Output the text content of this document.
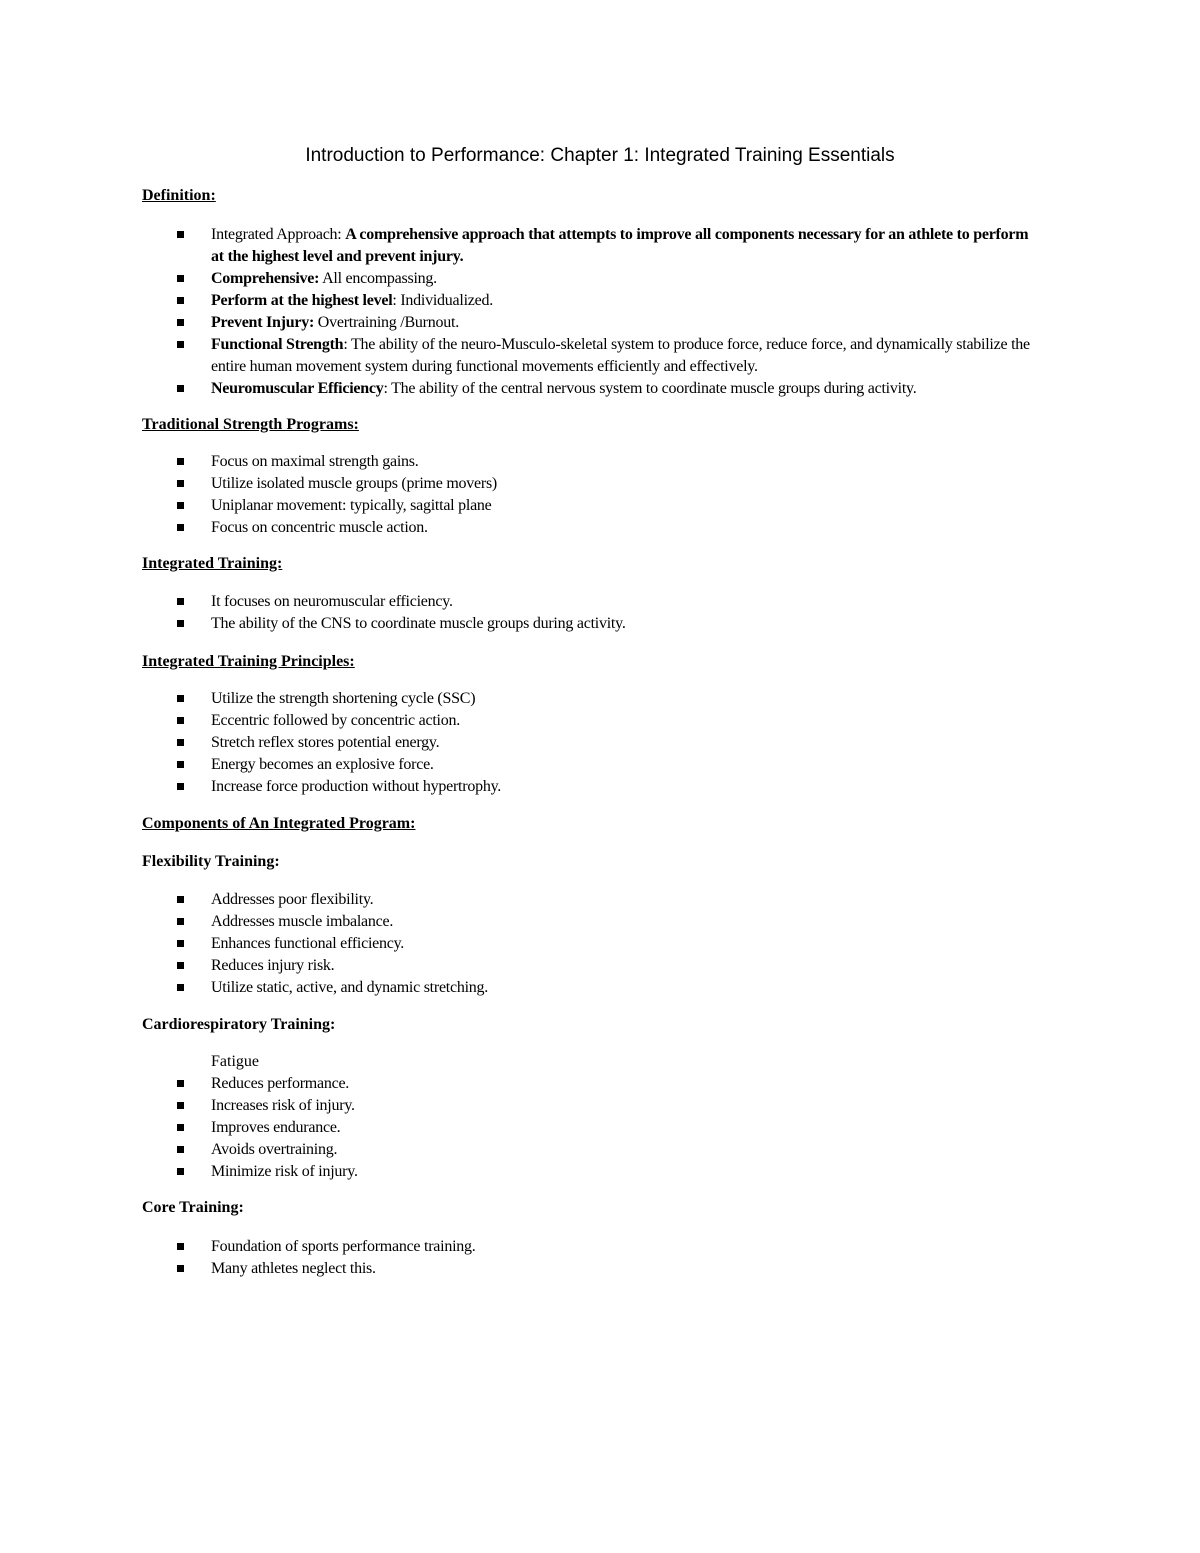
Introduction to Performance: Chapter 1: Integrated Training Essentials
Definition:
Integrated Approach: A comprehensive approach that attempts to improve all components necessary for an athlete to perform at the highest level and prevent injury.
Comprehensive: All encompassing.
Perform at the highest level: Individualized.
Prevent Injury: Overtraining /Burnout.
Functional Strength: The ability of the neuro-Musculo-skeletal system to produce force, reduce force, and dynamically stabilize the entire human movement system during functional movements efficiently and effectively.
Neuromuscular Efficiency: The ability of the central nervous system to coordinate muscle groups during activity.
Traditional Strength Programs:
Focus on maximal strength gains.
Utilize isolated muscle groups (prime movers)
Uniplanar movement: typically, sagittal plane
Focus on concentric muscle action.
Integrated Training:
It focuses on neuromuscular efficiency.
The ability of the CNS to coordinate muscle groups during activity.
Integrated Training Principles:
Utilize the strength shortening cycle (SSC)
Eccentric followed by concentric action.
Stretch reflex stores potential energy.
Energy becomes an explosive force.
Increase force production without hypertrophy.
Components of An Integrated Program:
Flexibility Training:
Addresses poor flexibility.
Addresses muscle imbalance.
Enhances functional efficiency.
Reduces injury risk.
Utilize static, active, and dynamic stretching.
Cardiorespiratory Training:
Fatigue
Reduces performance.
Increases risk of injury.
Improves endurance.
Avoids overtraining.
Minimize risk of injury.
Core Training:
Foundation of sports performance training.
Many athletes neglect this.
